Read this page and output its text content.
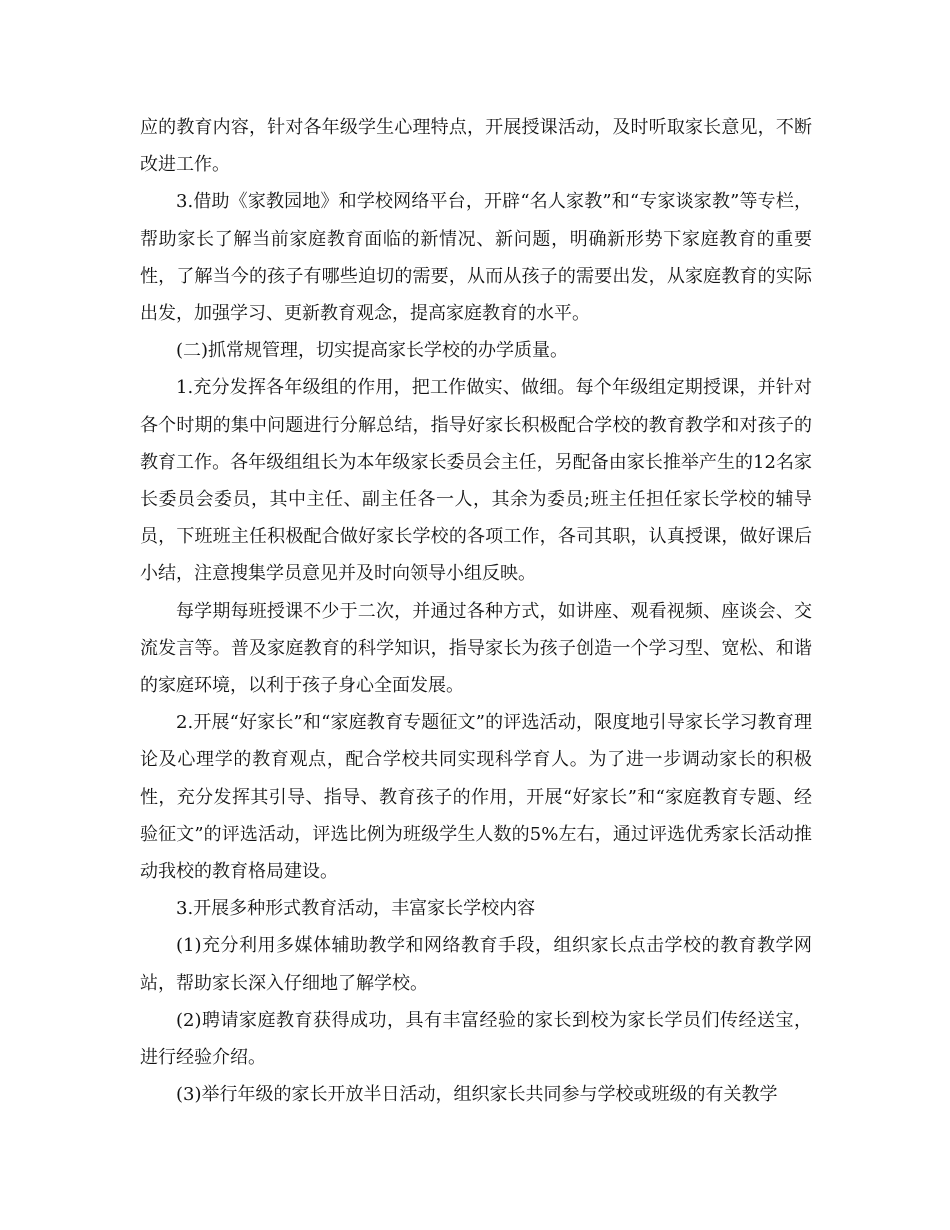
应的教育内容，针对各年级学生心理特点，开展授课活动，及时听取家长意见，不断改进工作。

3.借助《家教园地》和学校网络平台，开辟“名人家教”和“专家谈家教”等专栏，帮助家长了解当前家庭教育面临的新情况、新问题，明确新形势下家庭教育的重要性，了解当今的孩子有哪些迫切的需要，从而从孩子的需要出发，从家庭教育的实际出发，加强学习、更新教育观念，提高家庭教育的水平。

(二)抓常规管理，切实提高家长学校的办学质量。

1.充分发挥各年级组的作用，把工作做实、做细。每个年级组定期授课，并针对各个时期的集中问题进行分解总结，指导好家长积极配合学校的教育教学和对孩子的教育工作。各年级组组长为本年级家长委员会主任，另配备由家长推举产生的12名家长委员会委员，其中主任、副主任各一人，其余为委员;班主任担任家长学校的辅导员，下班班主任积极配合做好家长学校的各项工作，各司其职，认真授课，做好课后小结，注意搜集学员意见并及时向领导小组反映。

每学期每班授课不少于二次，并通过各种方式，如讲座、观看视频、座谈会、交流发言等。普及家庭教育的科学知识，指导家长为孩子创造一个学习型、宽松、和谐的家庭环境，以利于孩子身心全面发展。

2.开展“好家长”和“家庭教育专题征文”的评选活动，限度地引导家长学习教育理论及心理学的教育观点，配合学校共同实现科学育人。为了进一步调动家长的积极性，充分发挥其引导、指导、教育孩子的作用，开展“好家长”和“家庭教育专题、经验征文”的评选活动，评选比例为班级学生人数的5%左右，通过评选优秀家长活动推动我校的教育格局建设。

3.开展多种形式教育活动，丰富家长学校内容

(1)充分利用多媒体辅助教学和网络教育手段，组织家长点击学校的教育教学网站，帮助家长深入仔细地了解学校。

(2)聘请家庭教育获得成功，具有丰富经验的家长到校为家长学员们传经送宝，进行经验介绍。

(3)举行年级的家长开放半日活动，组织家长共同参与学校或班级的有关教学
